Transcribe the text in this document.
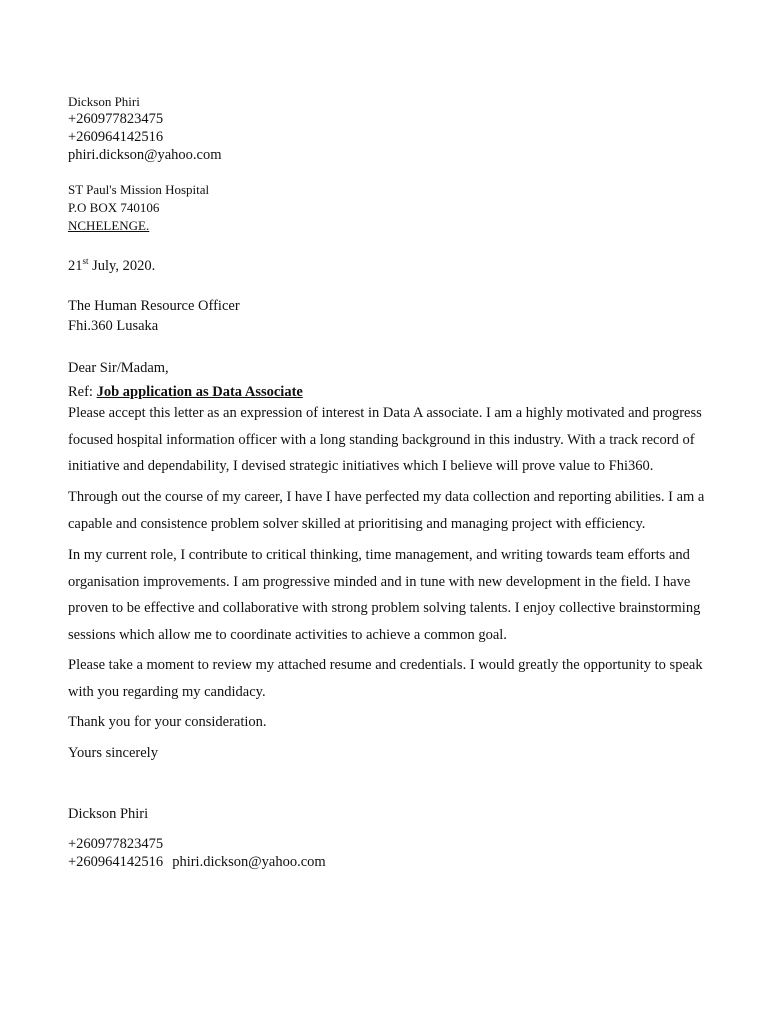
Dickson Phiri
+260977823475
+260964142516
phiri.dickson@yahoo.com
ST Paul's Mission Hospital
P.O BOX 740106
NCHELENGE.
21st July, 2020.
The Human Resource Officer
Fhi.360 Lusaka
Dear Sir/Madam,
Ref: Job application as Data Associate

Please accept this letter as an expression of interest in Data A associate. I am a highly motivated and progress focused hospital information officer with a long standing background in this industry. With a track record of initiative and dependability, I devised strategic initiatives which I believe will prove value to Fhi360.

Through out the course of my career, I have I have perfected my data collection and reporting abilities. I am a capable and consistence problem solver skilled at prioritising and managing project with efficiency.

In my current role, I contribute to critical thinking, time management, and writing towards team efforts and organisation improvements. I am progressive minded and in tune with new development in the field. I have proven to be effective and collaborative with strong problem solving talents. I enjoy collective brainstorming sessions which allow me to coordinate activities to achieve a common goal.

Please take a moment to review my attached resume and credentials. I would greatly the opportunity to speak with you regarding my candidacy.

Thank you for your consideration.

Yours sincerely
Dickson Phiri
+260977823475
+260964142516 phiri.dickson@yahoo.com
